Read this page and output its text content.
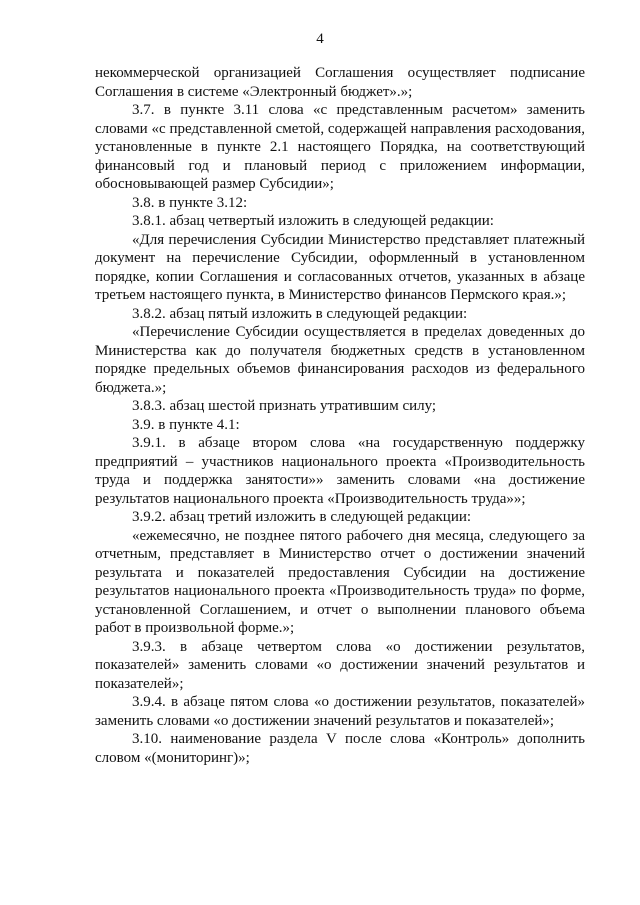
4

некоммерческой организацией Соглашения осуществляет подписание Соглашения в системе «Электронный бюджет».»;

3.7. в пункте 3.11 слова «с представленным расчетом» заменить словами «с представленной сметой, содержащей направления расходования, установленные в пункте 2.1 настоящего Порядка, на соответствующий финансовый год и плановый период с приложением информации, обосновывающей размер Субсидии»;

3.8. в пункте 3.12:

3.8.1. абзац четвертый изложить в следующей редакции:

«Для перечисления Субсидии Министерство представляет платежный документ на перечисление Субсидии, оформленный в установленном порядке, копии Соглашения и согласованных отчетов, указанных в абзаце третьем настоящего пункта, в Министерство финансов Пермского края.»;

3.8.2. абзац пятый изложить в следующей редакции:

«Перечисление Субсидии осуществляется в пределах доведенных до Министерства как до получателя бюджетных средств в установленном порядке предельных объемов финансирования расходов из федерального бюджета.»;

3.8.3. абзац шестой признать утратившим силу;

3.9. в пункте 4.1:

3.9.1. в абзаце втором слова «на государственную поддержку предприятий – участников национального проекта «Производительность труда и поддержка занятости»» заменить словами «на достижение результатов национального проекта «Производительность труда»»;

3.9.2. абзац третий изложить в следующей редакции:

«ежемесячно, не позднее пятого рабочего дня месяца, следующего за отчетным, представляет в Министерство отчет о достижении значений результата и показателей предоставления Субсидии на достижение результатов национального проекта «Производительность труда» по форме, установленной Соглашением, и отчет о выполнении планового объема работ в произвольной форме.»;

3.9.3. в абзаце четвертом слова «о достижении результатов, показателей» заменить словами «о достижении значений результатов и показателей»;

3.9.4. в абзаце пятом слова «о достижении результатов, показателей» заменить словами «о достижении значений результатов и показателей»;

3.10. наименование раздела V после слова «Контроль» дополнить словом «(мониторинг)»;
